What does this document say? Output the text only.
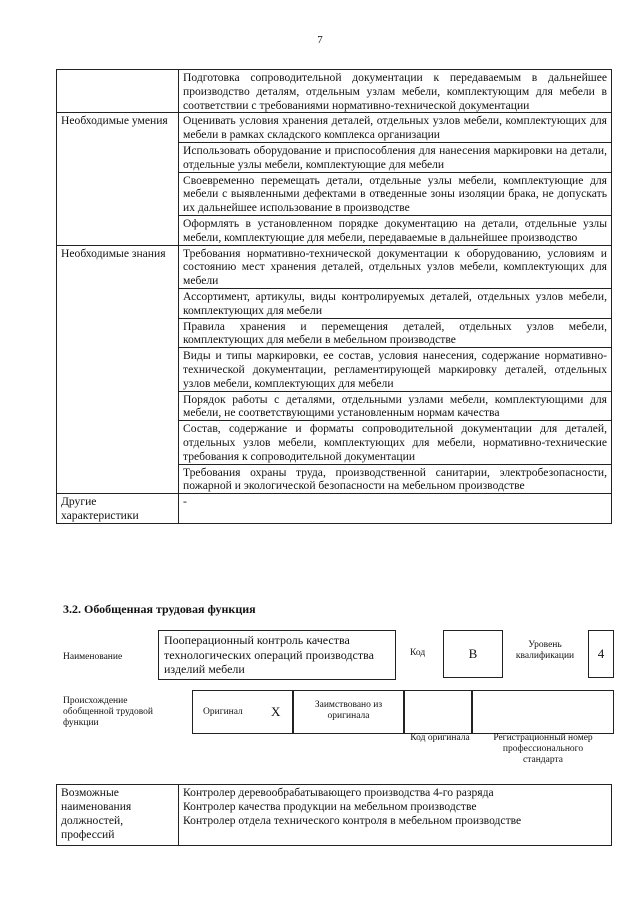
7
	Подготовка сопроводительной документации к передаваемым в дальнейшее производство деталям, отдельным узлам мебели, комплектующим для мебели в соответствии с требованиями нормативно-технической документации
Необходимые умения	Оценивать условия хранения деталей, отдельных узлов мебели, комплектующих для мебели в рамках складского комплекса организации
	Использовать оборудование и приспособления для нанесения маркировки на детали, отдельные узлы мебели, комплектующие для мебели
	Своевременно перемещать детали, отдельные узлы мебели, комплектующие для мебели с выявленными дефектами в отведенные зоны изоляции брака, не допускать их дальнейшее использование в производстве
	Оформлять в установленном порядке документацию на детали, отдельные узлы мебели, комплектующие для мебели, передаваемые в дальнейшее производство
Необходимые знания	Требования нормативно-технической документации к оборудованию, условиям и состоянию мест хранения деталей, отдельных узлов мебели, комплектующих для мебели
	Ассортимент, артикулы, виды контролируемых деталей, отдельных узлов мебели, комплектующих для мебели
	Правила хранения и перемещения деталей, отдельных узлов мебели, комплектующих для мебели в мебельном производстве
	Виды и типы маркировки, ее состав, условия нанесения, содержание нормативно-технической документации, регламентирующей маркировку деталей, отдельных узлов мебели, комплектующих для мебели
	Порядок работы с деталями, отдельными узлами мебели, комплектующими для мебели, не соответствующими установленным нормам качества
	Состав, содержание и форматы сопроводительной документации для деталей, отдельных узлов мебели, комплектующих для мебели, нормативно-технические требования к сопроводительной документации
	Требования охраны труда, производственной санитарии, электробезопасности, пожарной и экологической безопасности на мебельном производстве
Другие характеристики	-
3.2. Обобщенная трудовая функция
Наименование
Пооперационный контроль качества технологических операций производства изделий мебели
Код	B
Уровень квалификации	4
Происхождение обобщенной трудовой функции
Оригинал X	Заимствовано из оригинала
Код оригинала	Регистрационный номер профессионального стандарта
Возможные наименования должностей, профессий	
Контролер деревообрабатывающего производства 4-го разряда
Контролер качества продукции на мебельном производстве
Контролер отдела технического контроля в мебельном производстве
